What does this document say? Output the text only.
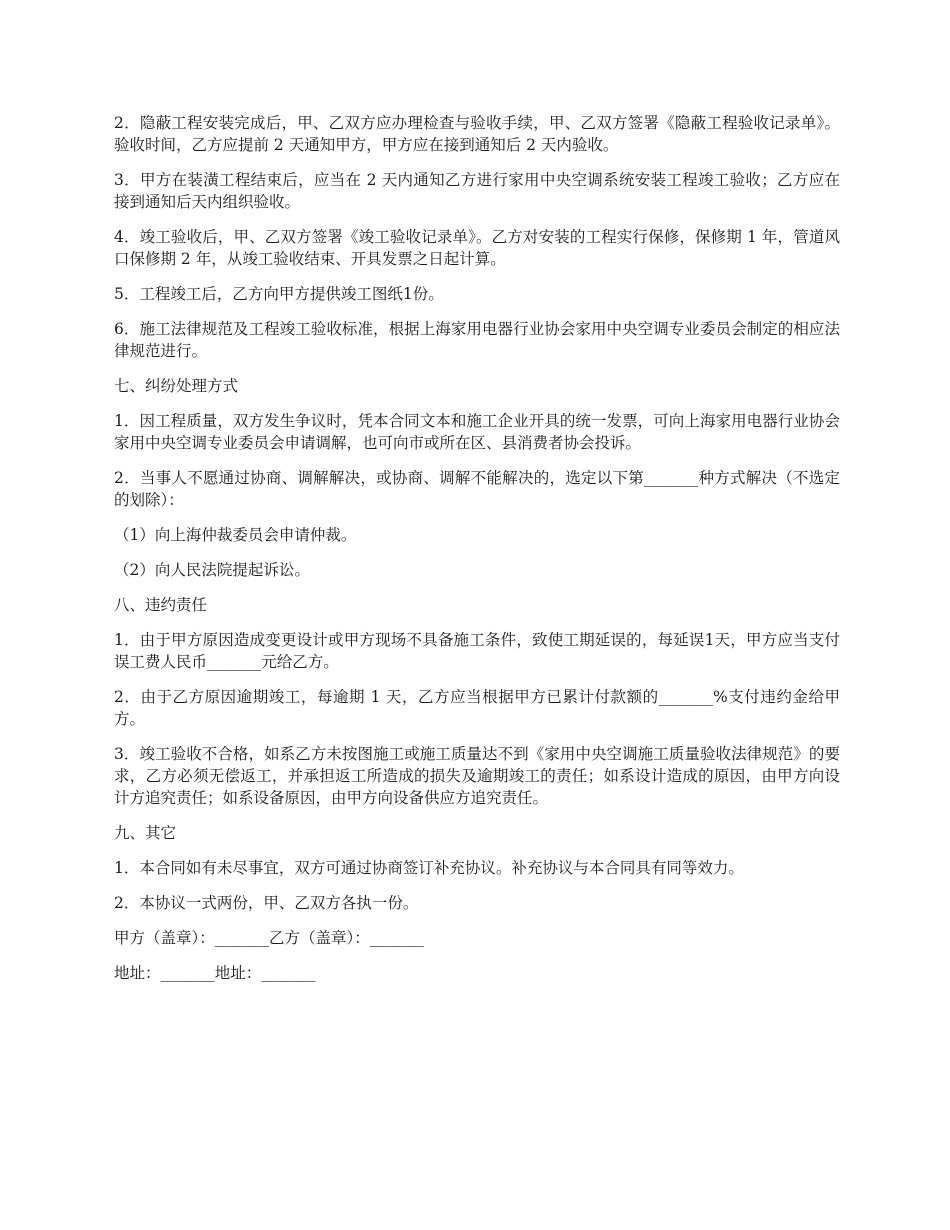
2．隐蔽工程安装完成后，甲、乙双方应办理检查与验收手续，甲、乙双方签署《隐蔽工程验收记录单》。验收时间，乙方应提前 2 天通知甲方，甲方应在接到通知后 2 天内验收。

3．甲方在装潢工程结束后，应当在 2 天内通知乙方进行家用中央空调系统安装工程竣工验收；乙方应在接到通知后天内组织验收。

4．竣工验收后，甲、乙双方签署《竣工验收记录单》。乙方对安装的工程实行保修，保修期 1 年，管道风口保修期 2 年，从竣工验收结束、开具发票之日起计算。

5．工程竣工后，乙方向甲方提供竣工图纸1份。

6．施工法律规范及工程竣工验收标准，根据上海家用电器行业协会家用中央空调专业委员会制定的相应法律规范进行。

七、纠纷处理方式

1．因工程质量，双方发生争议时，凭本合同文本和施工企业开具的统一发票，可向上海家用电器行业协会家用中央空调专业委员会申请调解，也可向市或所在区、县消费者协会投诉。

2．当事人不愿通过协商、调解解决，或协商、调解不能解决的，选定以下第_______种方式解决（不选定的划除）：

（1）向上海仲裁委员会申请仲裁。

（2）向人民法院提起诉讼。

八、违约责任

1．由于甲方原因造成变更设计或甲方现场不具备施工条件，致使工期延误的，每延误1天，甲方应当支付误工费人民币_______元给乙方。

2．由于乙方原因逾期竣工，每逾期 1 天，乙方应当根据甲方已累计付款额的_______%支付违约金给甲方。

3．竣工验收不合格，如系乙方未按图施工或施工质量达不到《家用中央空调施工质量验收法律规范》的要求，乙方必须无偿返工，并承担返工所造成的损失及逾期竣工的责任；如系设计造成的原因，由甲方向设计方追究责任；如系设备原因，由甲方向设备供应方追究责任。

九、其它

1．本合同如有未尽事宜，双方可通过协商签订补充协议。补充协议与本合同具有同等效力。

2．本协议一式两份，甲、乙双方各执一份。

甲方（盖章）：_______乙方（盖章）：_______

地址：_______地址：_______
